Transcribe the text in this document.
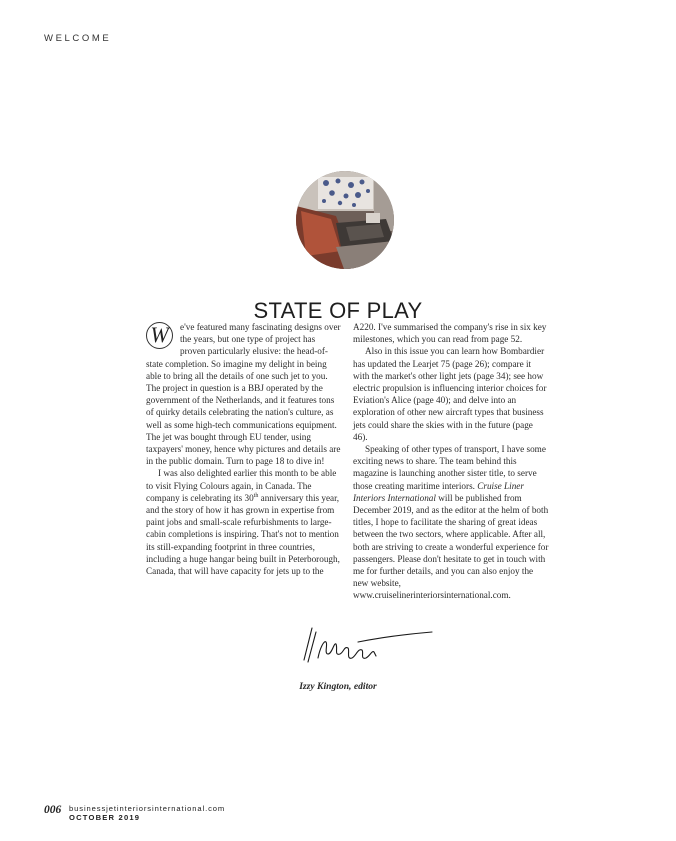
WELCOME
STATE OF PLAY

W	e've featured many fascinating designs over the years, but one type of project has proven particularly elusive: the head-of-state completion. So imagine my delight in being able to bring all the details of one such jet to you. The project in question is a BBJ operated by the government of the Netherlands, and it features tons of quirky details celebrating the nation's culture, as well as some high-tech communications equipment. The jet was bought through EU tender, using taxpayers' money, hence why pictures and details are in the public domain. Turn to page 18 to dive in!

I was also delighted earlier this month to be able to visit Flying Colours again, in Canada. The company is celebrating its 30th anniversary this year, and the story of how it has grown in expertise from paint jobs and small-scale refurbishments to large-cabin completions is inspiring. That's not to mention its still-expanding footprint in three countries, including a huge hangar being built in Peterborough, Canada, that will have capacity for jets up to the

A220. I've summarised the company's rise in six key milestones, which you can read from page 52.

Also in this issue you can learn how Bombardier has updated the Learjet 75 (page 26); compare it with the market's other light jets (page 34); see how electric propulsion is influencing interior choices for Eviation's Alice (page 40); and delve into an exploration of other new aircraft types that business jets could share the skies with in the future (page 46).

Speaking of other types of transport, I have some exciting news to share. The team behind this magazine is launching another sister title, to serve those creating maritime interiors. Cruise Liner Interiors International will be published from December 2019, and as the editor at the helm of both titles, I hope to facilitate the sharing of great ideas between the two sectors, where applicable. After all, both are striving to create a wonderful experience for passengers. Please don't hesitate to get in touch with me for further details, and you can also enjoy the new website, www.cruiselinerinteriorsinternational.com.

Izzy Kington, editor
006 businessjetinteriorsinternational.com
OCTOBER 2019
